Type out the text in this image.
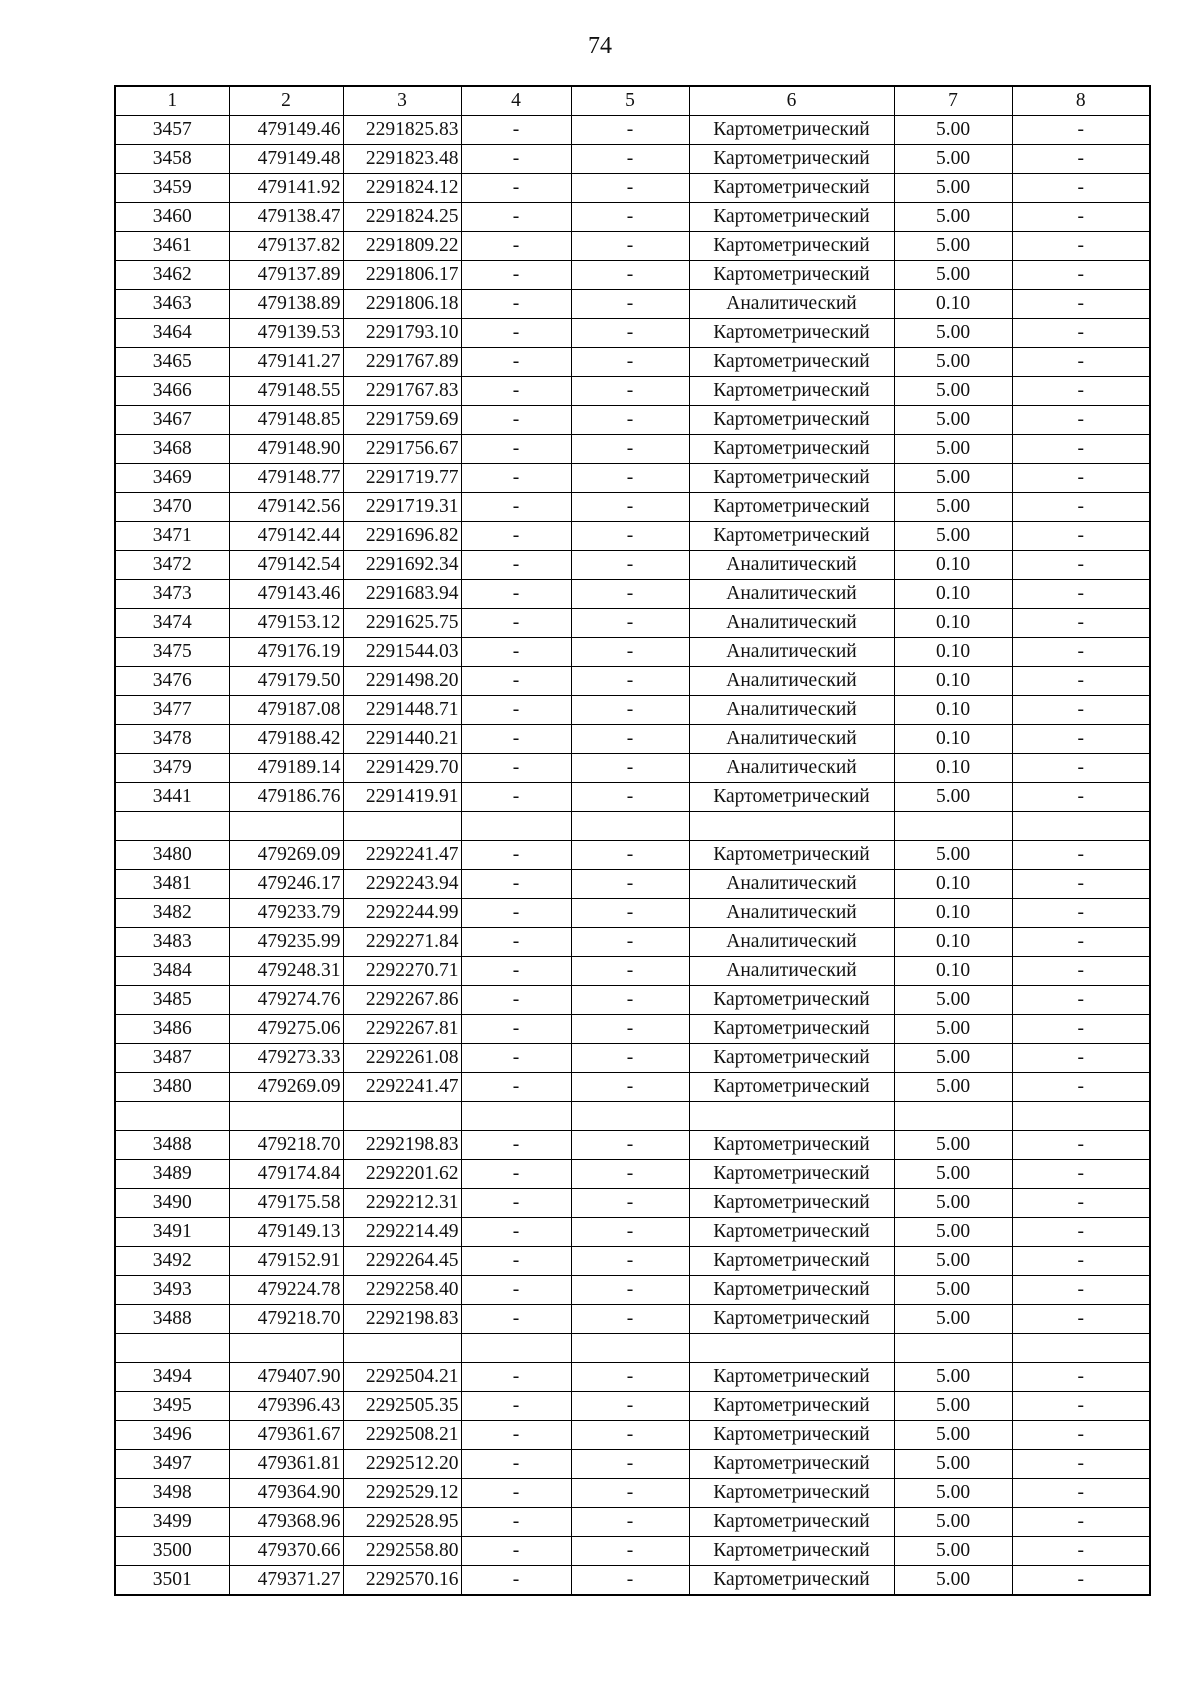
74
1	2	3	4	5	6	7	8
3457	479149.46	2291825.83	-	-	Картометрический	5.00	-
3458	479149.48	2291823.48	-	-	Картометрический	5.00	-
3459	479141.92	2291824.12	-	-	Картометрический	5.00	-
3460	479138.47	2291824.25	-	-	Картометрический	5.00	-
3461	479137.82	2291809.22	-	-	Картометрический	5.00	-
3462	479137.89	2291806.17	-	-	Картометрический	5.00	-
3463	479138.89	2291806.18	-	-	Аналитический	0.10	-
3464	479139.53	2291793.10	-	-	Картометрический	5.00	-
3465	479141.27	2291767.89	-	-	Картометрический	5.00	-
3466	479148.55	2291767.83	-	-	Картометрический	5.00	-
3467	479148.85	2291759.69	-	-	Картометрический	5.00	-
3468	479148.90	2291756.67	-	-	Картометрический	5.00	-
3469	479148.77	2291719.77	-	-	Картометрический	5.00	-
3470	479142.56	2291719.31	-	-	Картометрический	5.00	-
3471	479142.44	2291696.82	-	-	Картометрический	5.00	-
3472	479142.54	2291692.34	-	-	Аналитический	0.10	-
3473	479143.46	2291683.94	-	-	Аналитический	0.10	-
3474	479153.12	2291625.75	-	-	Аналитический	0.10	-
3475	479176.19	2291544.03	-	-	Аналитический	0.10	-
3476	479179.50	2291498.20	-	-	Аналитический	0.10	-
3477	479187.08	2291448.71	-	-	Аналитический	0.10	-
3478	479188.42	2291440.21	-	-	Аналитический	0.10	-
3479	479189.14	2291429.70	-	-	Аналитический	0.10	-
3441	479186.76	2291419.91	-	-	Картометрический	5.00	-

3480	479269.09	2292241.47	-	-	Картометрический	5.00	-
3481	479246.17	2292243.94	-	-	Аналитический	0.10	-
3482	479233.79	2292244.99	-	-	Аналитический	0.10	-
3483	479235.99	2292271.84	-	-	Аналитический	0.10	-
3484	479248.31	2292270.71	-	-	Аналитический	0.10	-
3485	479274.76	2292267.86	-	-	Картометрический	5.00	-
3486	479275.06	2292267.81	-	-	Картометрический	5.00	-
3487	479273.33	2292261.08	-	-	Картометрический	5.00	-
3480	479269.09	2292241.47	-	-	Картометрический	5.00	-

3488	479218.70	2292198.83	-	-	Картометрический	5.00	-
3489	479174.84	2292201.62	-	-	Картометрический	5.00	-
3490	479175.58	2292212.31	-	-	Картометрический	5.00	-
3491	479149.13	2292214.49	-	-	Картометрический	5.00	-
3492	479152.91	2292264.45	-	-	Картометрический	5.00	-
3493	479224.78	2292258.40	-	-	Картометрический	5.00	-
3488	479218.70	2292198.83	-	-	Картометрический	5.00	-

3494	479407.90	2292504.21	-	-	Картометрический	5.00	-
3495	479396.43	2292505.35	-	-	Картометрический	5.00	-
3496	479361.67	2292508.21	-	-	Картометрический	5.00	-
3497	479361.81	2292512.20	-	-	Картометрический	5.00	-
3498	479364.90	2292529.12	-	-	Картометрический	5.00	-
3499	479368.96	2292528.95	-	-	Картометрический	5.00	-
3500	479370.66	2292558.80	-	-	Картометрический	5.00	-
3501	479371.27	2292570.16	-	-	Картометрический	5.00	-
